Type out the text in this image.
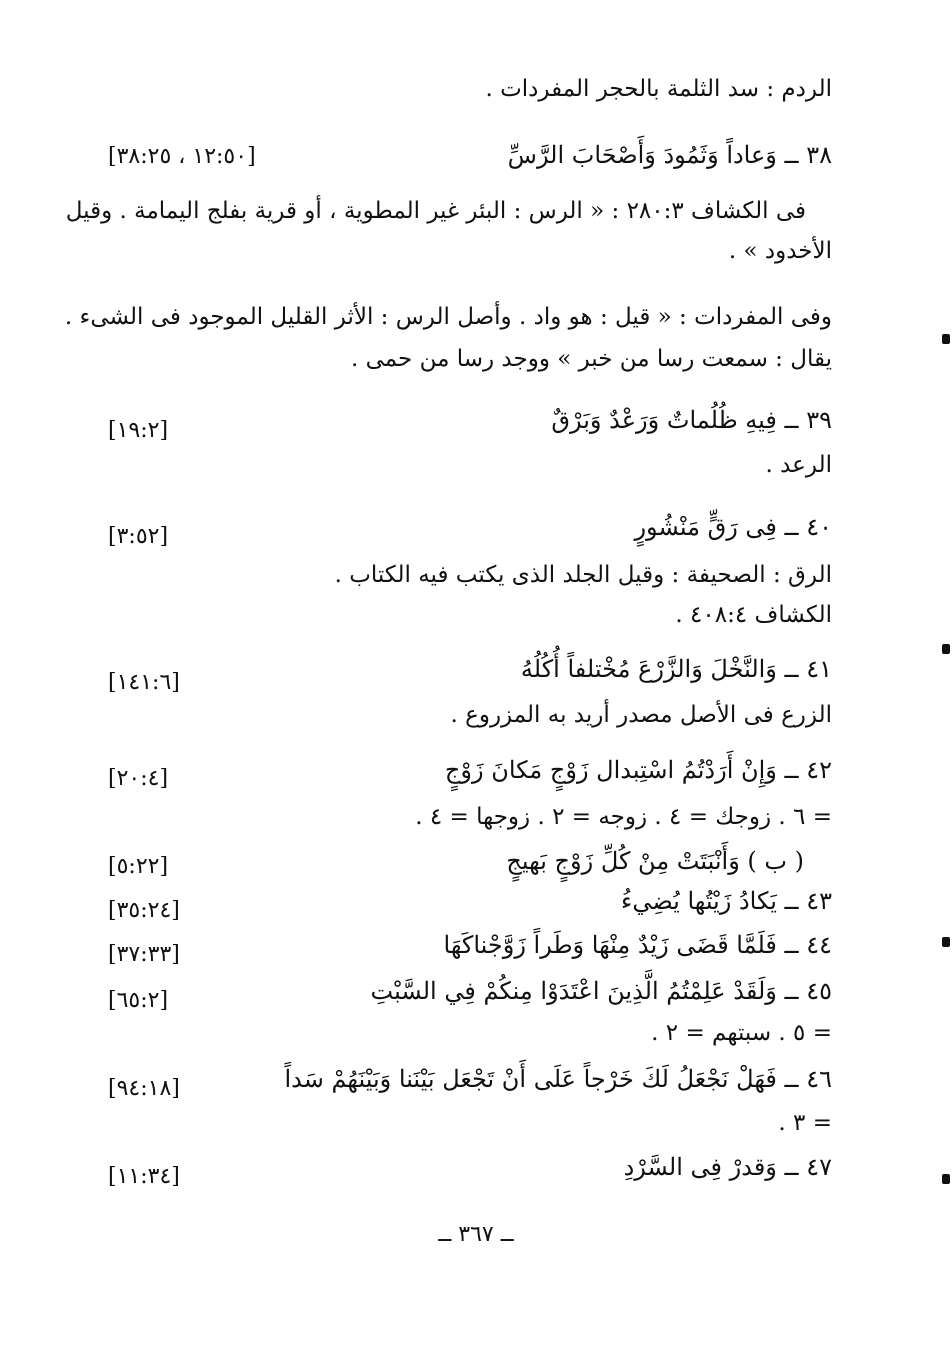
الردم : سد الثلمة بالحجر المفردات .
٣٨ ــ وَعاداً وَثَمُودَ وَأَصْحَابَ الرَّسِّ
[١٢:٥٠ ، ٣٨:٢٥]
فى الكشاف ٢٨٠:٣ : « الرس : البئر غير المطوية ، أو قرية بفلج اليمامة . وقيل
الأخدود » .
وفى المفردات : « قيل : هو واد . وأصل الرس : الأثر القليل الموجود فى الشىء .
يقال : سمعت رسا من خبر » ووجد رسا من حمى .
٣٩ ــ فِيهِ ظُلُماتٌ وَرَعْدٌ وَبَرْقٌ
[١٩:٢]
الرعد .
٤٠ ــ فِى رَقٍّ مَنْشُورٍ
[٣:٥٢]
الرق : الصحيفة : وقيل الجلد الذى يكتب فيه الكتاب .
الكشاف ٤٠٨:٤ .
٤١ ــ وَالنَّخْلَ وَالزَّرْعَ مُخْتلفاً أُكُلُهُ
[١٤١:٦]
الزرع فى الأصل مصدر أريد به المزروع .
٤٢ ــ وَإِنْ أَرَدْتُمُ اسْتِبدال زَوْجٍ مَكانَ زَوْجٍ
[٢٠:٤]
= ٦ . زوجك = ٤ . زوجه = ٢ . زوجها = ٤ .
( ب ) وَأَنْبَتَتْ مِنْ كُلِّ زَوْجٍ بَهيجٍ
[٥:٢٢]
٤٣ ــ يَكادُ زَيْتُها يُضِيءُ
[٣٥:٢٤]
٤٤ ــ فَلَمَّا قَضَى زَيْدٌ مِنْهَا وَطَراً زَوَّجْناكَهَا
[٣٧:٣٣]
٤٥ ــ وَلَقَدْ عَلِمْتُمُ الَّذِينَ اعْتَدَوْا مِنكُمْ فِي السَّبْتِ
[٦٥:٢]
= ٥ . سبتهم = ٢ .
٤٦ ــ فَهَلْ نَجْعَلُ لَكَ خَرْجاً عَلَى أَنْ تَجْعَل بَيْنَنا وَبَيْنَهُمْ سَداً
[٩٤:١٨]
= ٣ .
٤٧ ــ وَقدرْ فِى السَّرْدِ
[١١:٣٤]
ــ ٣٦٧ ــ
